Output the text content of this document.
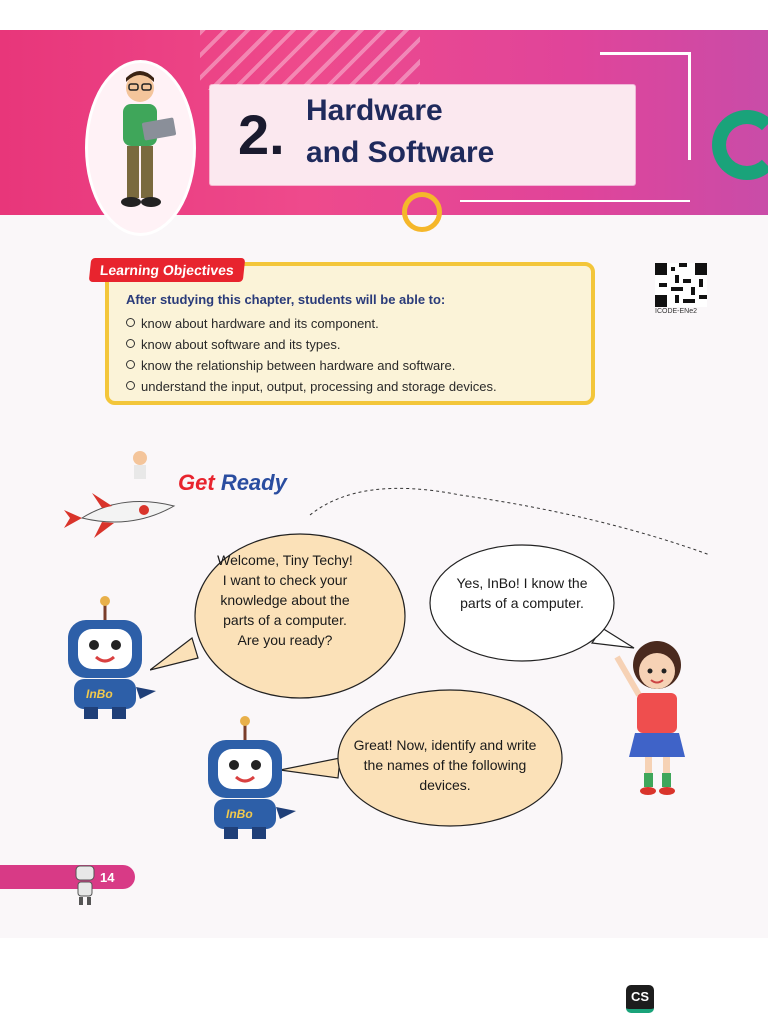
2. Hardware
and Software
Learning Objectives
After studying this chapter, students will be able to:
know about hardware and its component.
know about software and its types.
know the relationship between hardware and software.
understand the input, output, processing and storage devices.
ICODE-ENe2
Get Ready
Welcome, Tiny Techy! I want to check your knowledge about the parts of a computer. Are you ready?
Yes, InBo! I know the parts of a computer.
Great! Now, identify and write the names of the following devices.
InBo
InBo
14
CS
